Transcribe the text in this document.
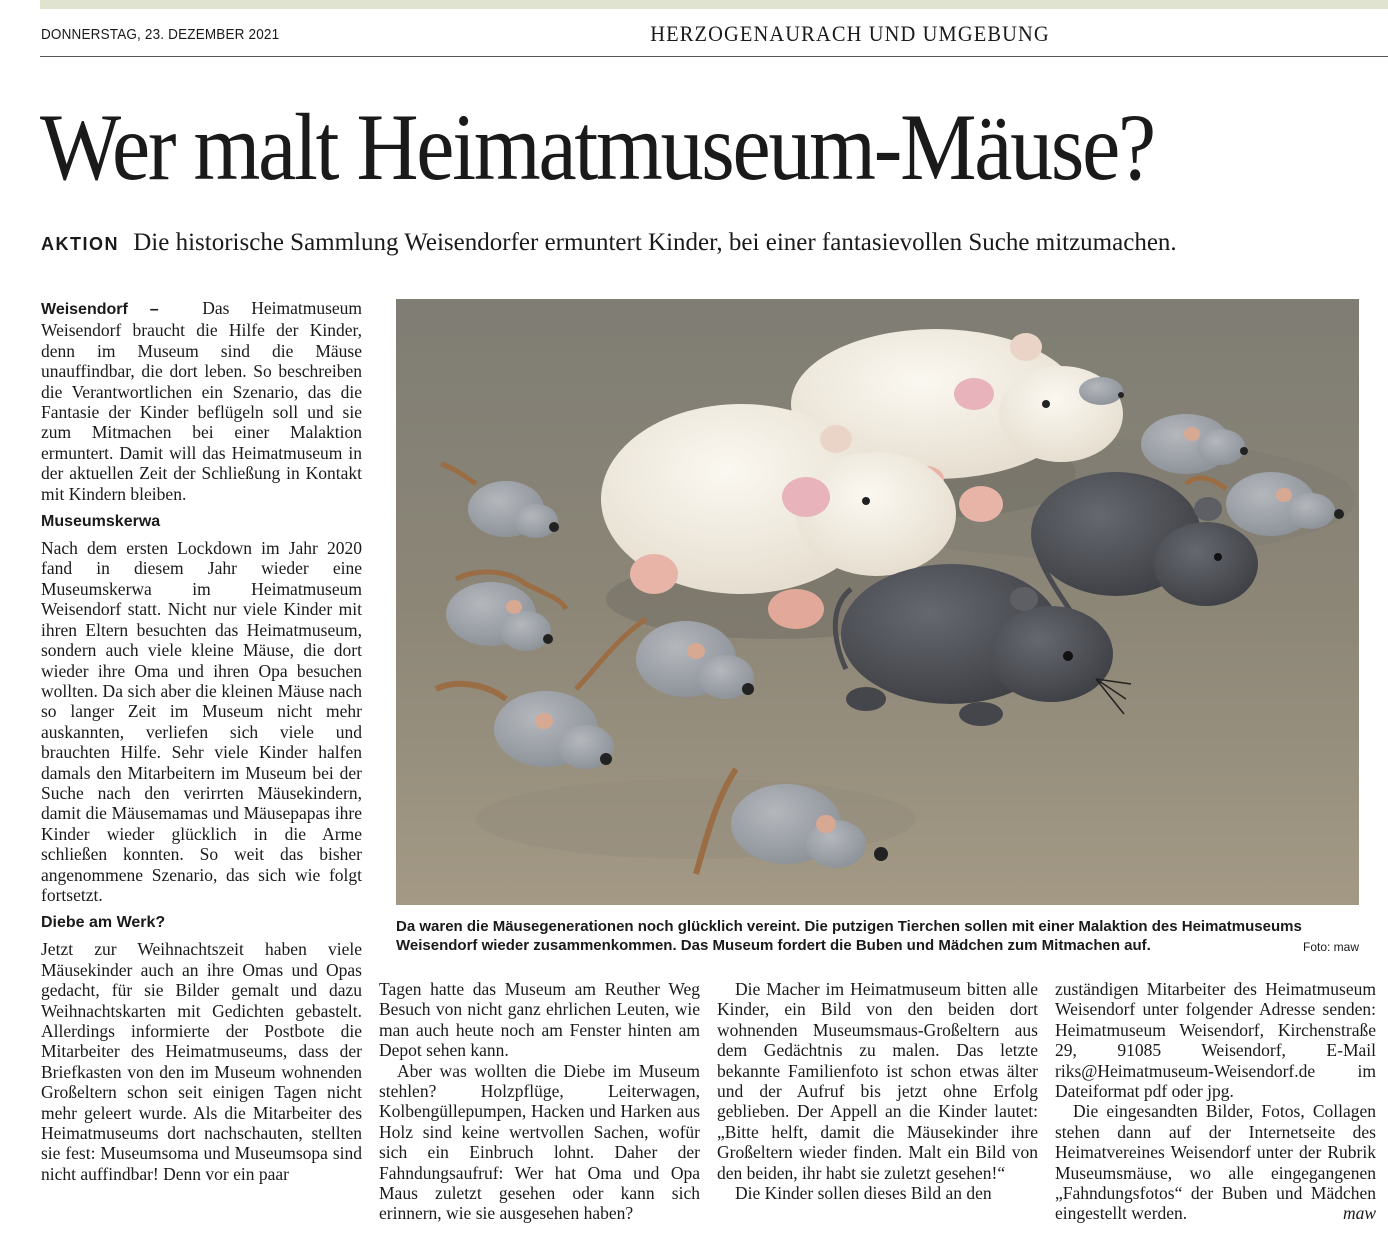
DONNERSTAG, 23. DEZEMBER 2021	HERZOGENAURACH UND UMGEBUNG
Wer malt Heimatmuseum-Mäuse?
AKTION Die historische Sammlung Weisendorfer ermuntert Kinder, bei einer fantasievollen Suche mitzumachen.

Weisendorf – Das Heimatmuseum Weisendorf braucht die Hilfe der Kinder, denn im Museum sind die Mäuse unauffindbar, die dort leben. So beschreiben die Verantwortlichen ein Szenario, das die Fantasie der Kinder beflügeln soll und sie zum Mitmachen bei einer Malaktion ermuntert. Damit will das Heimatmuseum in der aktuellen Zeit der Schließung in Kontakt mit Kindern bleiben.

Museumskerwa

Nach dem ersten Lockdown im Jahr 2020 fand in diesem Jahr wieder eine Museumskerwa im Heimatmuseum Weisendorf statt. Nicht nur viele Kinder mit ihren Eltern besuchten das Heimatmuseum, sondern auch viele kleine Mäuse, die dort wieder ihre Oma und ihren Opa besuchen wollten. Da sich aber die kleinen Mäuse nach so langer Zeit im Museum nicht mehr auskannten, verliefen sich viele und brauchten Hilfe. Sehr viele Kinder halfen damals den Mitarbeitern im Museum bei der Suche nach den verirrten Mäusekindern, damit die Mäusemamas und Mäusepapas ihre Kinder wieder glücklich in die Arme schließen konnten. So weit das bisher angenommene Szenario, das sich wie folgt fortsetzt.

Diebe am Werk?

Jetzt zur Weihnachtszeit haben viele Mäusekinder auch an ihre Omas und Opas gedacht, für sie Bilder gemalt und dazu Weihnachtskarten mit Gedichten gebastelt. Allerdings informierte der Postbote die Mitarbeiter des Heimatmuseums, dass der Briefkasten von den im Museum wohnenden Großeltern schon seit einigen Tagen nicht mehr geleert wurde. Als die Mitarbeiter des Heimatmuseums dort nachschauten, stellten sie fest: Museumsoma und Museumsopa sind nicht auffindbar! Denn vor ein paar

Da waren die Mäusegenerationen noch glücklich vereint. Die putzigen Tierchen sollen mit einer Malaktion des Heimatmuseums Weisendorf wieder zusammenkommen. Das Museum fordert die Buben und Mädchen zum Mitmachen auf.	Foto: maw

Tagen hatte das Museum am Reuther Weg Besuch von nicht ganz ehrlichen Leuten, wie man auch heute noch am Fenster hinten am Depot sehen kann.

Aber was wollten die Diebe im Museum stehlen? Holzpflüge, Leiterwagen, Kolbengüllepumpen, Hacken und Harken aus Holz sind keine wertvollen Sachen, wofür sich ein Einbruch lohnt. Daher der Fahndungsaufruf: Wer hat Oma und Opa Maus zuletzt gesehen oder kann sich erinnern, wie sie ausgesehen haben?

Die Macher im Heimatmuseum bitten alle Kinder, ein Bild von den beiden dort wohnenden Museumsmaus-Großeltern aus dem Gedächtnis zu malen. Das letzte bekannte Familienfoto ist schon etwas älter und der Aufruf bis jetzt ohne Erfolg geblieben. Der Appell an die Kinder lautet: „Bitte helft, damit die Mäusekinder ihre Großeltern wieder finden. Malt ein Bild von den beiden, ihr habt sie zuletzt gesehen!“

Die Kinder sollen dieses Bild an den

zuständigen Mitarbeiter des Heimatmuseum Weisendorf unter folgender Adresse senden: Heimatmuseum Weisendorf, Kirchenstraße 29, 91085 Weisendorf, E-Mail riks@Heimatmuseum-Weisendorf.de im Dateiformat pdf oder jpg.

Die eingesandten Bilder, Fotos, Collagen stehen dann auf der Internetseite des Heimatvereines Weisendorf unter der Rubrik Museumsmäuse, wo alle eingegangenen „Fahndungsfotos“ der Buben und Mädchen eingestellt werden.	maw
